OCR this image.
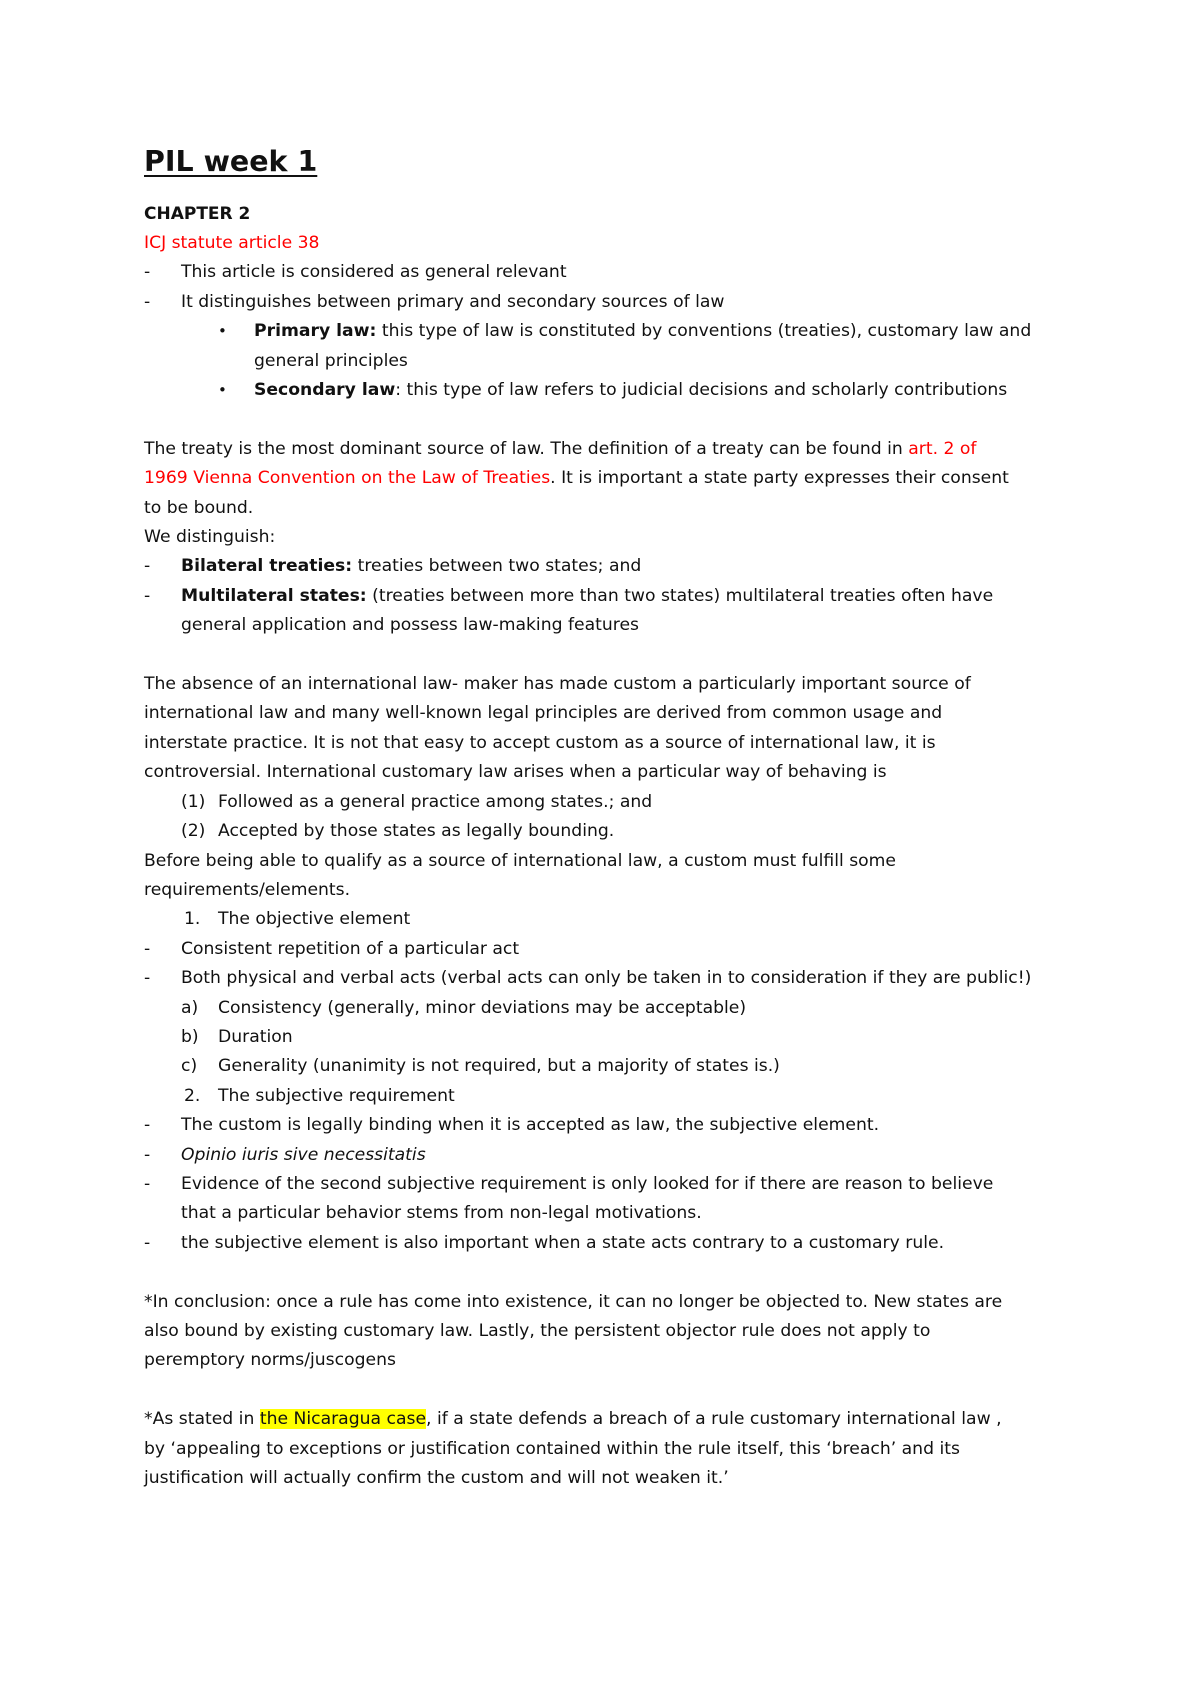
PIL week 1
CHAPTER 2
ICJ statute article 38
- This article is considered as general relevant
- It distinguishes between primary and secondary sources of law
• Primary law: this type of law is constituted by conventions (treaties), customary law and
general principles
• Secondary law: this type of law refers to judicial decisions and scholarly contributions
The treaty is the most dominant source of law. The definition of a treaty can be found in art. 2 of
1969 Vienna Convention on the Law of Treaties. It is important a state party expresses their consent
to be bound.
We distinguish:
- Bilateral treaties: treaties between two states; and
- Multilateral states: (treaties between more than two states) multilateral treaties often have
general application and possess law-making features
The absence of an international law- maker has made custom a particularly important source of
international law and many well-known legal principles are derived from common usage and
interstate practice. It is not that easy to accept custom as a source of international law, it is
controversial. International customary law arises when a particular way of behaving is
(1) Followed as a general practice among states.; and
(2) Accepted by those states as legally bounding.
Before being able to qualify as a source of international law, a custom must fulfill some
requirements/elements.
1. The objective element
- Consistent repetition of a particular act
- Both physical and verbal acts (verbal acts can only be taken in to consideration if they are public!)
a) Consistency (generally, minor deviations may be acceptable)
b) Duration
c) Generality (unanimity is not required, but a majority of states is.)
2. The subjective requirement
- The custom is legally binding when it is accepted as law, the subjective element.
- Opinio iuris sive necessitatis
- Evidence of the second subjective requirement is only looked for if there are reason to believe
that a particular behavior stems from non-legal motivations.
- the subjective element is also important when a state acts contrary to a customary rule.
*In conclusion: once a rule has come into existence, it can no longer be objected to. New states are
also bound by existing customary law. Lastly, the persistent objector rule does not apply to
peremptory norms/juscogens
*As stated in the Nicaragua case, if a state defends a breach of a rule customary international law ,
by ‘appealing to exceptions or justification contained within the rule itself, this ‘breach’ and its
justification will actually confirm the custom and will not weaken it.’
